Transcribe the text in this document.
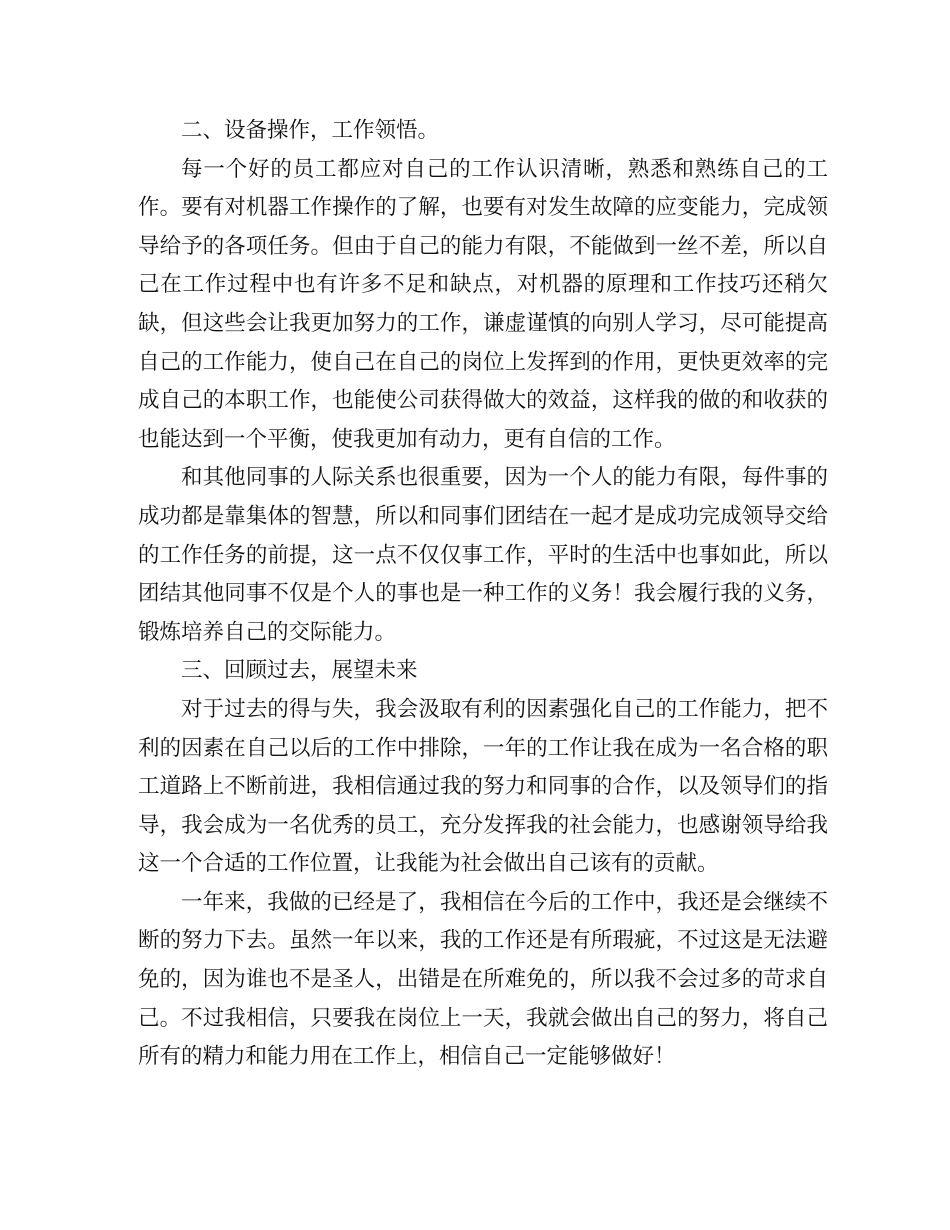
二、设备操作，工作领悟。

每一个好的员工都应对自己的工作认识清晰，熟悉和熟练自己的工作。要有对机器工作操作的了解，也要有对发生故障的应变能力，完成领导给予的各项任务。但由于自己的能力有限，不能做到一丝不差，所以自己在工作过程中也有许多不足和缺点，对机器的原理和工作技巧还稍欠缺，但这些会让我更加努力的工作，谦虚谨慎的向别人学习，尽可能提高自己的工作能力，使自己在自己的岗位上发挥到的作用，更快更效率的完成自己的本职工作，也能使公司获得做大的效益，这样我的做的和收获的也能达到一个平衡，使我更加有动力，更有自信的工作。

和其他同事的人际关系也很重要，因为一个人的能力有限，每件事的成功都是靠集体的智慧，所以和同事们团结在一起才是成功完成领导交给的工作任务的前提，这一点不仅仅事工作，平时的生活中也事如此，所以团结其他同事不仅是个人的事也是一种工作的义务！我会履行我的义务，锻炼培养自己的交际能力。

三、回顾过去，展望未来

对于过去的得与失，我会汲取有利的因素强化自己的工作能力，把不利的因素在自己以后的工作中排除，一年的工作让我在成为一名合格的职工道路上不断前进，我相信通过我的努力和同事的合作，以及领导们的指导，我会成为一名优秀的员工，充分发挥我的社会能力，也感谢领导给我这一个合适的工作位置，让我能为社会做出自己该有的贡献。

一年来，我做的已经是了，我相信在今后的工作中，我还是会继续不断的努力下去。虽然一年以来，我的工作还是有所瑕疵，不过这是无法避免的，因为谁也不是圣人，出错是在所难免的，所以我不会过多的苛求自己。不过我相信，只要我在岗位上一天，我就会做出自己的努力，将自己所有的精力和能力用在工作上，相信自己一定能够做好！
